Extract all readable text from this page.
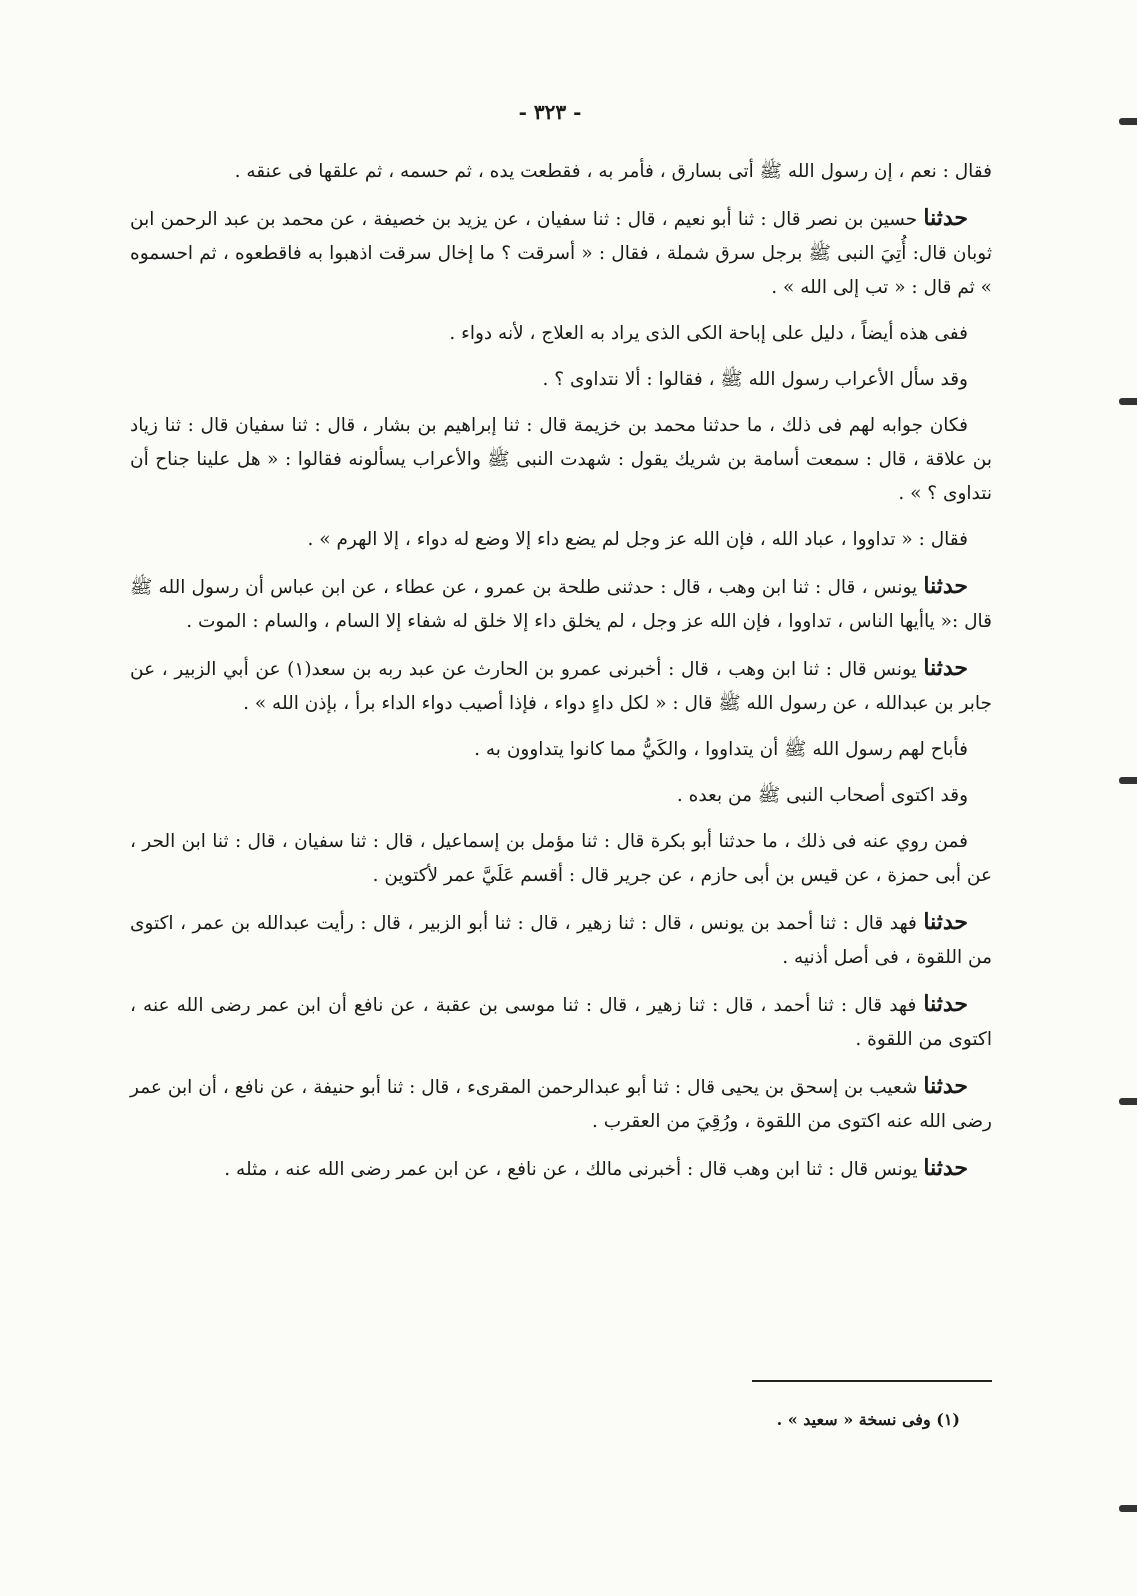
- ٣٢٣ -

فقال : نعم ، إن رسول الله ﷺ أتى بسارق ، فأمر به ، فقطعت يده ، ثم حسمه ، ثم علقها فى عنقه .

حدثنا حسين بن نصر قال : ثنا أبو نعيم ، قال : ثنا سفيان ، عن يزيد بن خصيفة ، عن محمد بن عبد الرحمن ابن ثوبان قال: أُتِيَ النبى ﷺ برجل سرق شملة ، فقال : « أسرقت ؟ ما إخال سرقت اذهبوا به فاقطعوه ، ثم احسموه » ثم قال : « تب إلى الله » .

ففى هذه أيضاً ، دليل على إباحة الكى الذى يراد به العلاج ، لأنه دواء .

وقد سأل الأعراب رسول الله ﷺ ، فقالوا : ألا نتداوى ؟ .

فكان جوابه لهم فى ذلك ، ما حدثنا محمد بن خزيمة قال : ثنا إبراهيم بن بشار ، قال : ثنا سفيان قال : ثنا زياد بن علاقة ، قال : سمعت أسامة بن شريك يقول : شهدت النبى ﷺ والأعراب يسألونه فقالوا : « هل علينا جناح أن نتداوى ؟ » .

فقال : « تداووا ، عباد الله ، فإن الله عز وجل لم يضع داء إلا وضع له دواء ، إلا الهرم » .

حدثنا يونس ، قال : ثنا ابن وهب ، قال : حدثنى طلحة بن عمرو ، عن عطاء ، عن ابن عباس أن رسول الله ﷺ قال :« ياأيها الناس ، تداووا ، فإن الله عز وجل ، لم يخلق داء إلا خلق له شفاء إلا السام ، والسام : الموت .

حدثنا يونس قال : ثنا ابن وهب ، قال : أخبرنى عمرو بن الحارث عن عبد ربه بن سعد(١) عن أبي الزبير ، عن جابر بن عبدالله ، عن رسول الله ﷺ قال : « لكل داءٍ دواء ، فإذا أصيب دواء الداء برأ ، بإذن الله » .

فأباح لهم رسول الله ﷺ أن يتداووا ، والكَيُّ مما كانوا يتداوون به .

وقد اكتوى أصحاب النبى ﷺ من بعده .

فمن روي عنه فى ذلك ، ما حدثنا أبو بكرة قال : ثنا مؤمل بن إسماعيل ، قال : ثنا سفيان ، قال : ثنا ابن الحر ، عن أبى حمزة ، عن قيس بن أبى حازم ، عن جرير قال : أقسم عَلَيَّ عمر لأكتوين .

حدثنا فهد قال : ثنا أحمد بن يونس ، قال : ثنا زهير ، قال : ثنا أبو الزبير ، قال : رأيت عبدالله بن عمر ، اكتوى من اللقوة ، فى أصل أذنيه .

حدثنا فهد قال : ثنا أحمد ، قال : ثنا زهير ، قال : ثنا موسى بن عقبة ، عن نافع أن ابن عمر رضى الله عنه ، اكتوى من اللقوة .

حدثنا شعيب بن إسحق بن يحيى قال : ثنا أبو عبدالرحمن المقرىء ، قال : ثنا أبو حنيفة ، عن نافع ، أن ابن عمر رضى الله عنه اكتوى من اللقوة ، ورُقِيَ من العقرب .

حدثنا يونس قال : ثنا ابن وهب قال : أخبرنى مالك ، عن نافع ، عن ابن عمر رضى الله عنه ، مثله .

(١) وفى نسخة « سعيد » .
